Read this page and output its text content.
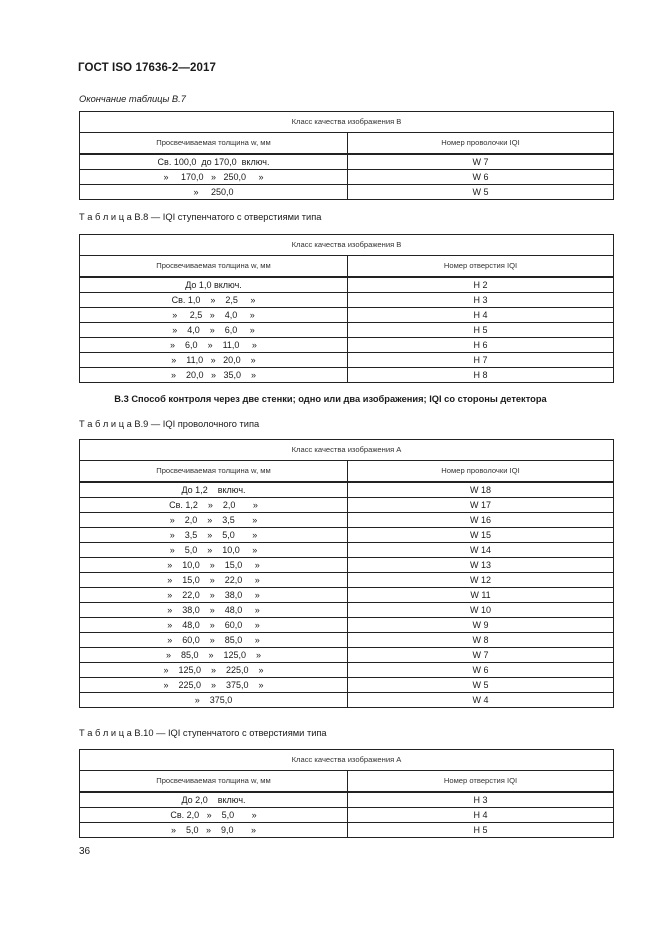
ГОСТ ISO 17636-2—2017
Окончание таблицы В.7
Класс качества изображения В	
Просвечиваемая толщина w, мм	Номер проволочки IQI
Св. 100,0  до 170,0  включ.	W 7
»     170,0   »   250,0     »	W 6
»     250,0	W 5
Т а б л и ц а В.8 — IQI ступенчатого с отверстиями типа
Класс качества изображения В	
Просвечиваемая толщина w, мм	Номер отверстия IQI
До 1,0 включ.	H 2
Св. 1,0    »    2,5     »	H 3
»     2,5   »    4,0     »	H 4
»    4,0    »    6,0     »	H 5
»    6,0    »    11,0     »	H 6
»    11,0   »   20,0    »	H 7
»    20,0   »   35,0    »	H 8
В.3 Способ контроля через две стенки; одно или два изображения; IQI со стороны детектора
Т а б л и ц а В.9 — IQI проволочного типа
Класс качества изображения А	
Просвечиваемая толщина w, мм	Номер проволочки IQI
До 1,2    включ.	W 18
Св. 1,2    »    2,0       »	W 17
»    2,0    »    3,5       »	W 16
»    3,5    »    5,0       »	W 15
»    5,0    »    10,0     »	W 14
»    10,0    »    15,0     »	W 13
»    15,0    »    22,0     »	W 12
»    22,0    »    38,0     »	W 11
»    38,0    »    48,0     »	W 10
»    48,0    »    60,0     »	W 9
»    60,0    »    85,0     »	W 8
»    85,0    »    125,0    »	W 7
»    125,0    »    225,0    »	W 6
»    225,0    »    375,0    »	W 5
»    375,0	W 4
Т а б л и ц а В.10 — IQI ступенчатого с отверстиями типа
Класс качества изображения А	
Просвечиваемая толщина w, мм	Номер отверстия IQI
До 2,0    включ.	H 3
Св. 2,0   »    5,0       »	H 4
»    5,0   »    9,0       »	H 5
36
